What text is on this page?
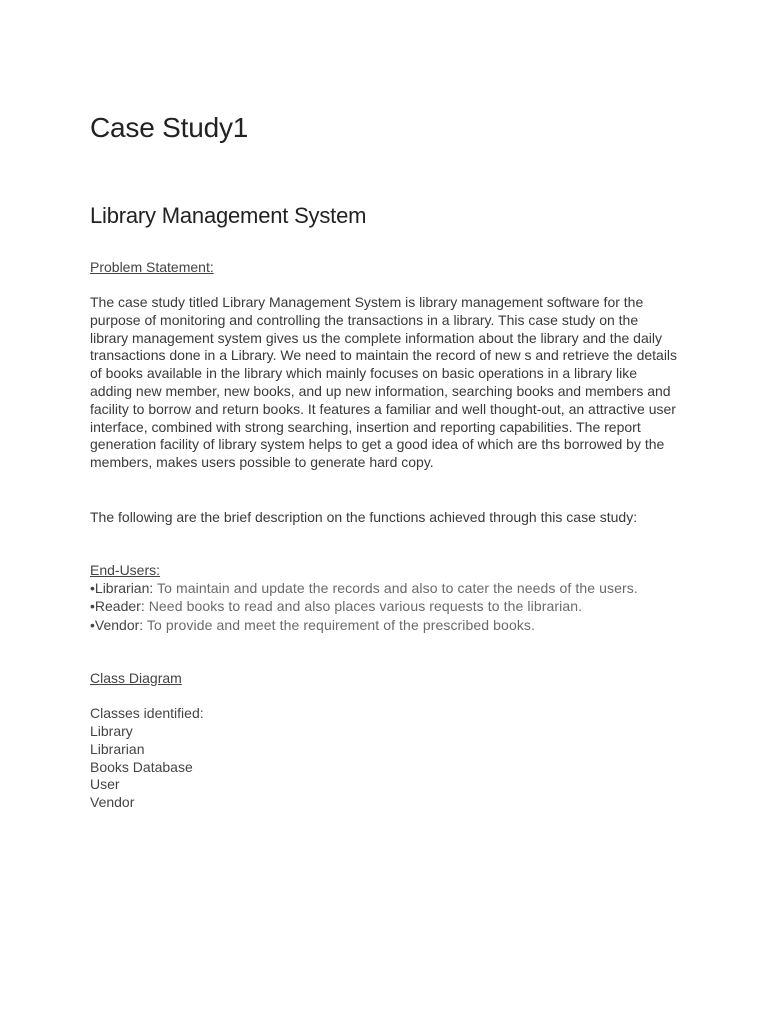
Case Study1
Library Management System

Problem Statement:

The case study titled Library Management System is library management software for the purpose of monitoring and controlling the transactions in a library. This case study on the library management system gives us the complete information about the library and the daily transactions done in a Library. We need to maintain the record of new s and retrieve the details of books available in the library which mainly focuses on basic operations in a library like adding new member, new books, and up new information, searching books and members and facility to borrow and return books. It features a familiar and well thought-out, an attractive user interface, combined with strong searching, insertion and reporting capabilities. The report generation facility of library system helps to get a good idea of which are ths borrowed by the members, makes users possible to generate hard copy.

The following are the brief description on the functions achieved through this case study:

End-Users:

•Librarian: To maintain and update the records and also to cater the needs of the users.
•Reader: Need books to read and also places various requests to the librarian.
•Vendor: To provide and meet the requirement of the prescribed books.

Class Diagram

Classes identified:

Library
Librarian
Books Database
User
Vendor
